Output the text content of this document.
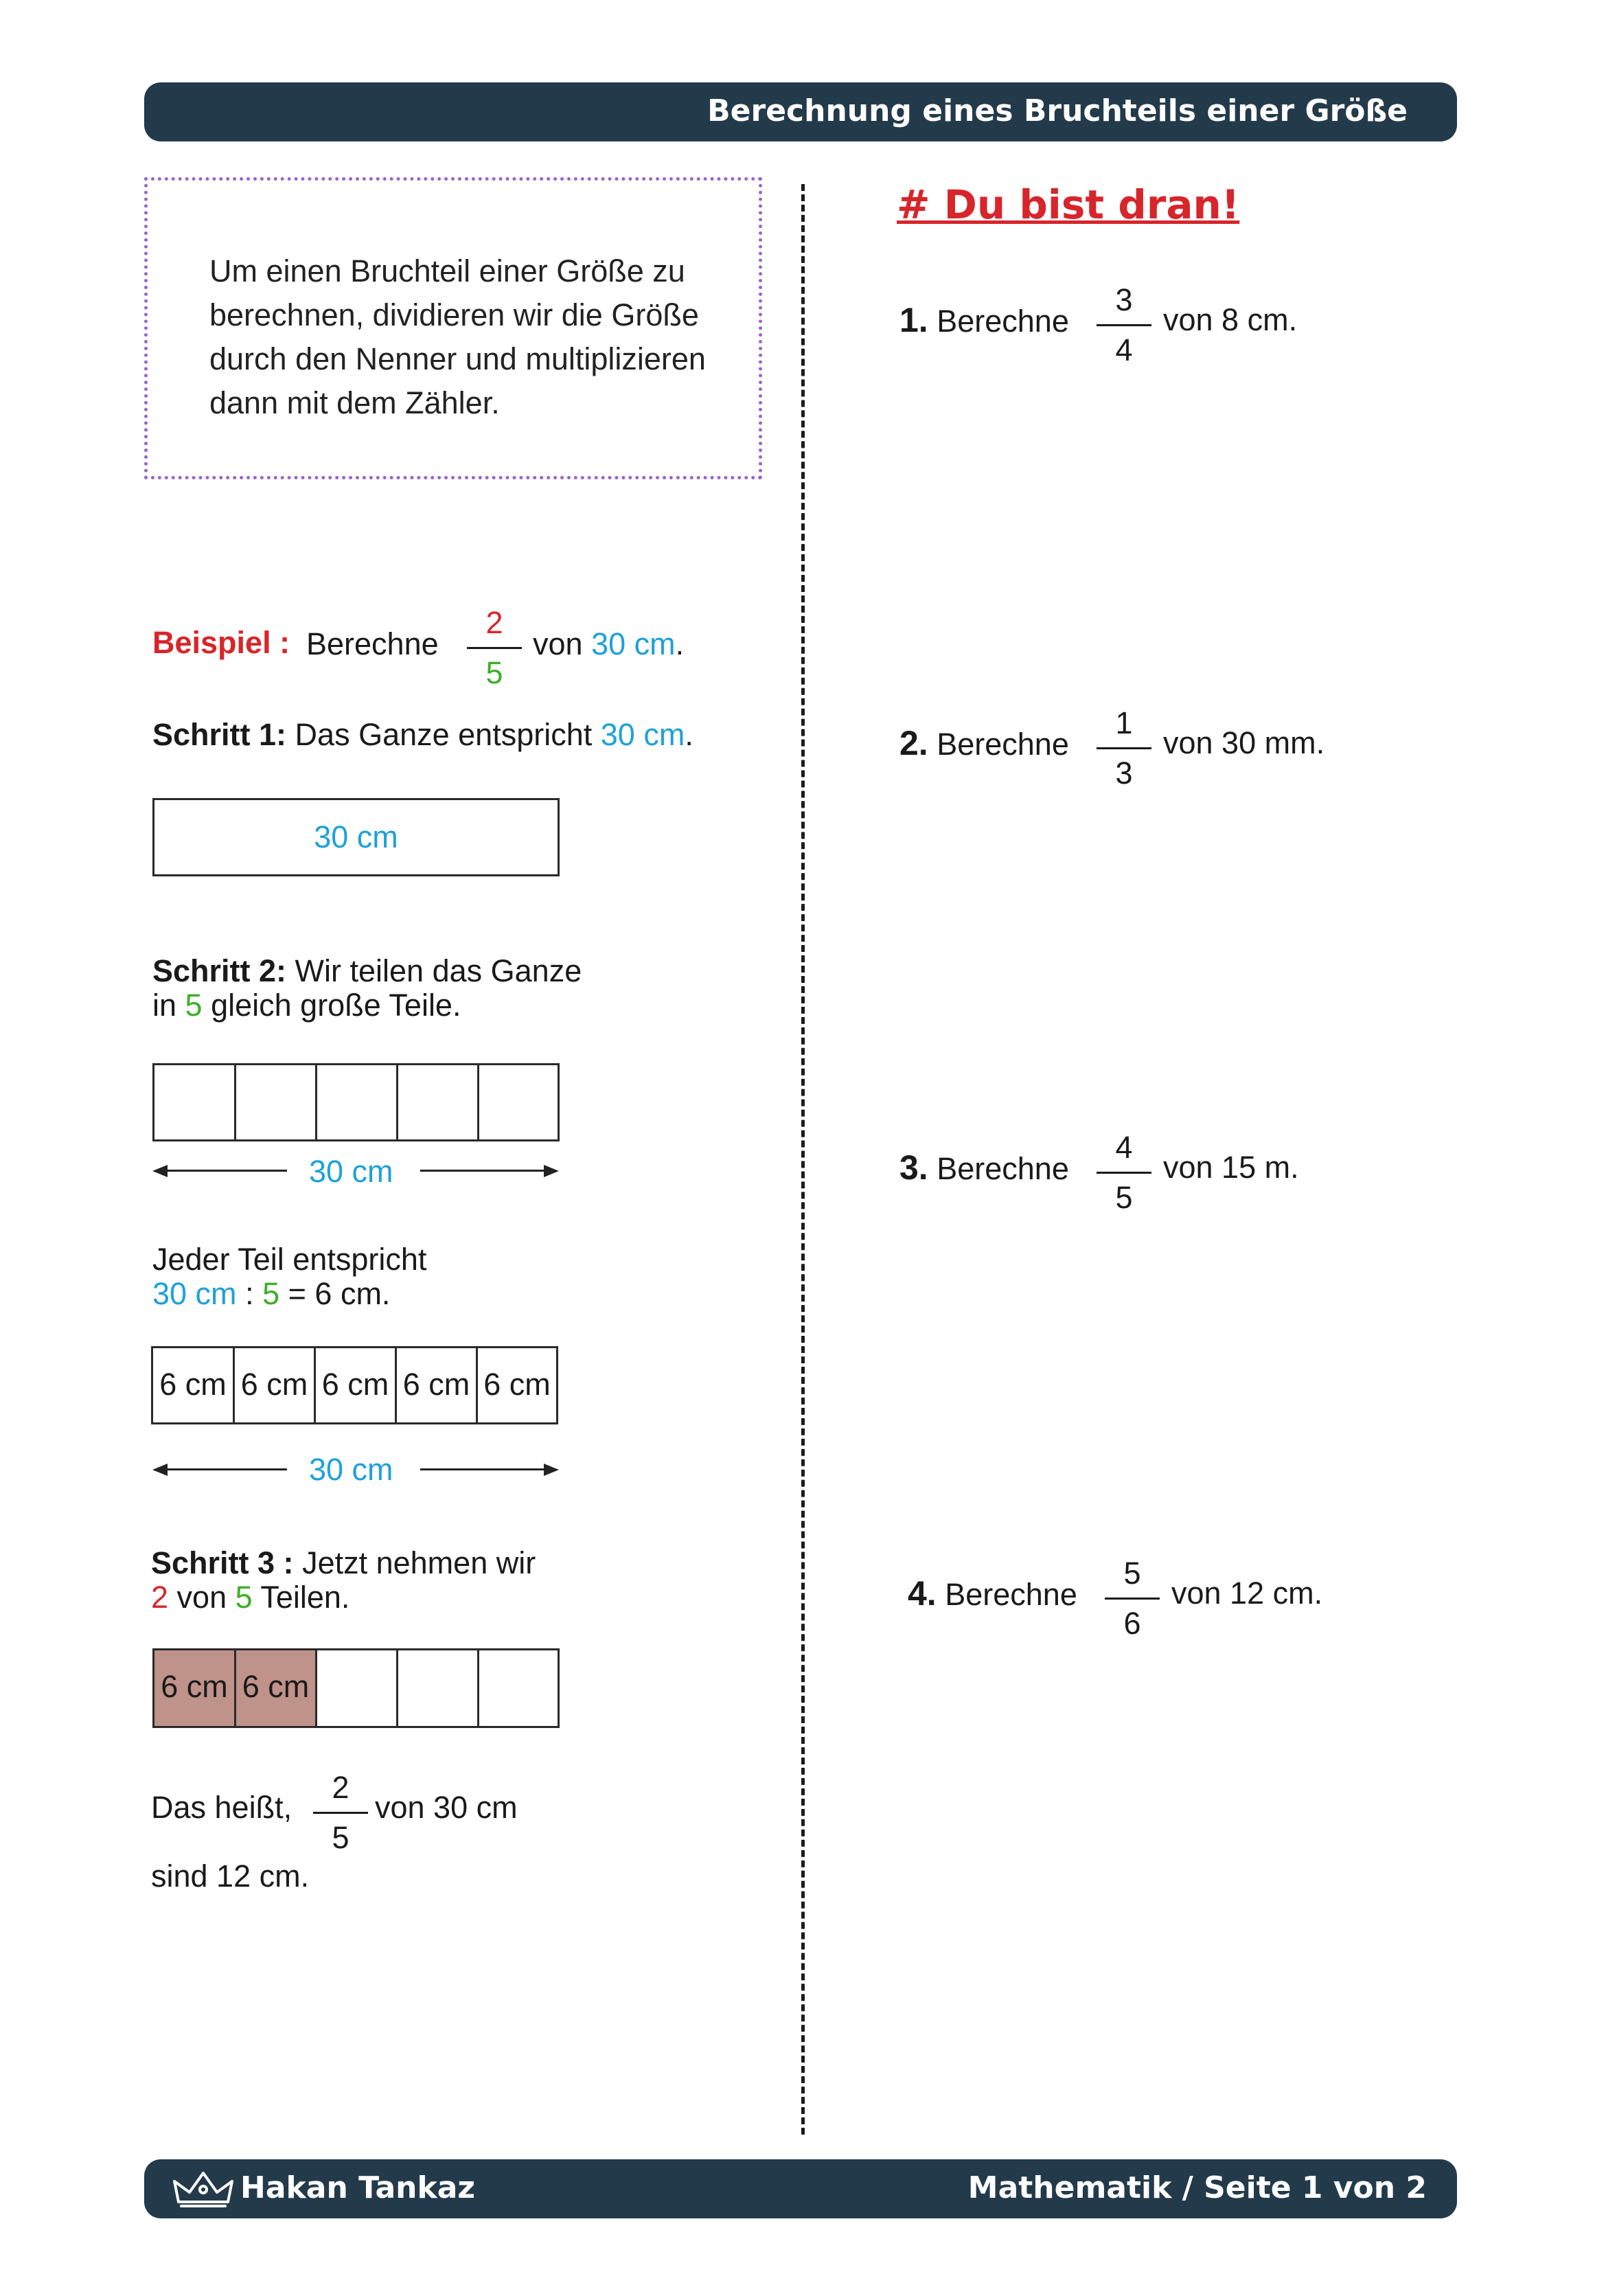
Berechnung eines Bruchteils einer Größe
Um einen Bruchteil einer Größe zu
berechnen, dividieren wir die Größe
durch den Nenner und multiplizieren
dann mit dem Zähler.
Beispiel : Berechne
2
5
von 30 cm.
Schritt 1: Das Ganze entspricht 30 cm.
30 cm
Schritt 2: Wir teilen das Ganze
in 5 gleich große Teile.
30 cm
Jeder Teil entspricht
30 cm : 5 = 6 cm.
6 cm 6 cm 6 cm 6 cm 6 cm
30 cm
Schritt 3 : Jetzt nehmen wir
2 von 5 Teilen.
6 cm 6 cm
Das heißt,
2
5
von 30 cm
sind 12 cm.
# Du bist dran!
1. Berechne
3
4
von 8 cm.
2. Berechne
1
3
von 30 mm.
3. Berechne
4
5
von 15 m.
4. Berechne
5
6
von 12 cm.
Hakan Tankaz	Mathematik / Seite 1 von 2
